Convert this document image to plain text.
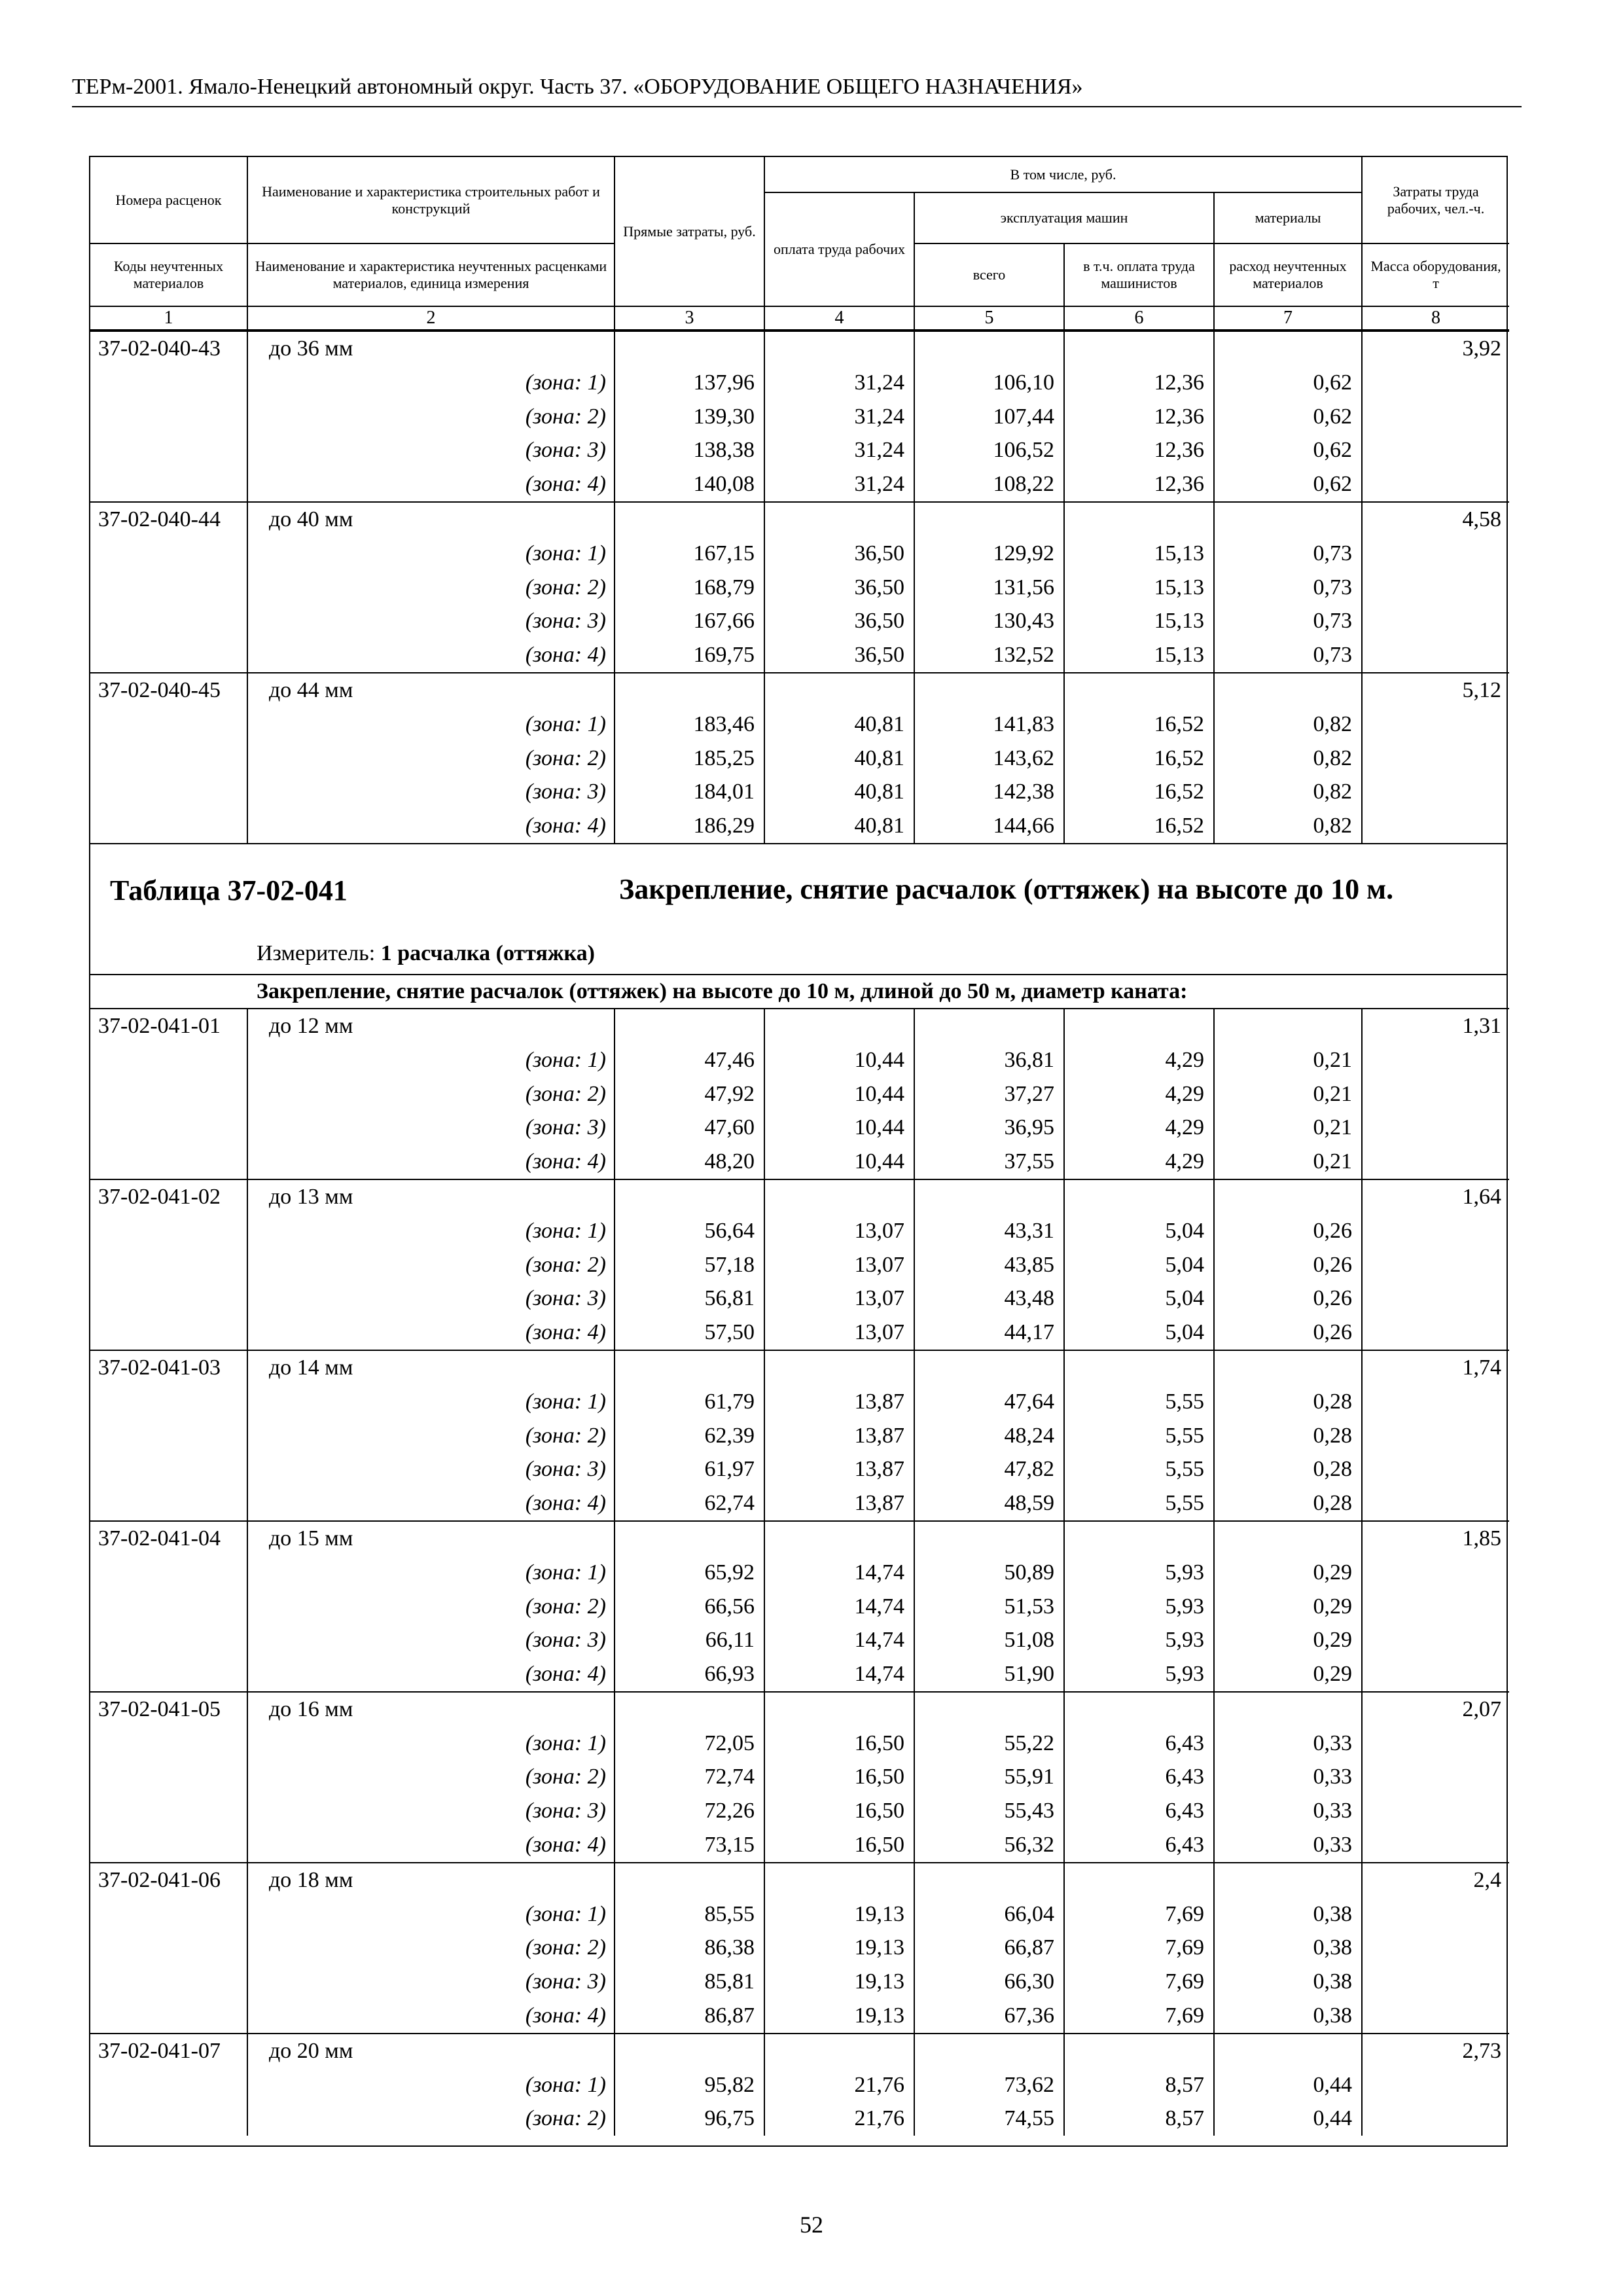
ТЕРм-2001. Ямало-Ненецкий автономный округ. Часть 37. «ОБОРУДОВАНИЕ ОБЩЕГО НАЗНАЧЕНИЯ»
Номера расценок	Наименование и характеристика строительных работ и конструкций	Прямые затраты, руб.	В том числе, руб.				Затраты труда рабочих, чел.-ч.
			оплата труда рабочих	эксплуатация машин		материалы	
Коды неучтенных материалов	Наименование и характеристика неучтенных расценками материалов, единица измерения			всего	в т.ч. оплата труда машинистов	расход неучтенных материалов	Масса оборудования, т
1	2	3	4	5	6	7	8
37-02-040-43	до 36 мм						3,92
	(зона: 1)	137,96	31,24	106,10	12,36	0,62	
	(зона: 2)	139,30	31,24	107,44	12,36	0,62	
	(зона: 3)	138,38	31,24	106,52	12,36	0,62	
	(зона: 4)	140,08	31,24	108,22	12,36	0,62	
37-02-040-44	до 40 мм						4,58
	(зона: 1)	167,15	36,50	129,92	15,13	0,73	
	(зона: 2)	168,79	36,50	131,56	15,13	0,73	
	(зона: 3)	167,66	36,50	130,43	15,13	0,73	
	(зона: 4)	169,75	36,50	132,52	15,13	0,73	
37-02-040-45	до 44 мм						5,12
	(зона: 1)	183,46	40,81	141,83	16,52	0,82	
	(зона: 2)	185,25	40,81	143,62	16,52	0,82	
	(зона: 3)	184,01	40,81	142,38	16,52	0,82	
	(зона: 4)	186,29	40,81	144,66	16,52	0,82	
Таблица 37-02-041	Закрепление, снятие расчалок (оттяжек) на высоте до 10 м.
Измеритель: 1 расчалка (оттяжка)
Закрепление, снятие расчалок (оттяжек) на высоте до 10 м, длиной до 50 м, диаметр каната:
37-02-041-01	до 12 мм						1,31
	(зона: 1)	47,46	10,44	36,81	4,29	0,21	
	(зона: 2)	47,92	10,44	37,27	4,29	0,21	
	(зона: 3)	47,60	10,44	36,95	4,29	0,21	
	(зона: 4)	48,20	10,44	37,55	4,29	0,21	
37-02-041-02	до 13 мм						1,64
	(зона: 1)	56,64	13,07	43,31	5,04	0,26	
	(зона: 2)	57,18	13,07	43,85	5,04	0,26	
	(зона: 3)	56,81	13,07	43,48	5,04	0,26	
	(зона: 4)	57,50	13,07	44,17	5,04	0,26	
37-02-041-03	до 14 мм						1,74
	(зона: 1)	61,79	13,87	47,64	5,55	0,28	
	(зона: 2)	62,39	13,87	48,24	5,55	0,28	
	(зона: 3)	61,97	13,87	47,82	5,55	0,28	
	(зона: 4)	62,74	13,87	48,59	5,55	0,28	
37-02-041-04	до 15 мм						1,85
	(зона: 1)	65,92	14,74	50,89	5,93	0,29	
	(зона: 2)	66,56	14,74	51,53	5,93	0,29	
	(зона: 3)	66,11	14,74	51,08	5,93	0,29	
	(зона: 4)	66,93	14,74	51,90	5,93	0,29	
37-02-041-05	до 16 мм						2,07
	(зона: 1)	72,05	16,50	55,22	6,43	0,33	
	(зона: 2)	72,74	16,50	55,91	6,43	0,33	
	(зона: 3)	72,26	16,50	55,43	6,43	0,33	
	(зона: 4)	73,15	16,50	56,32	6,43	0,33	
37-02-041-06	до 18 мм						2,4
	(зона: 1)	85,55	19,13	66,04	7,69	0,38	
	(зона: 2)	86,38	19,13	66,87	7,69	0,38	
	(зона: 3)	85,81	19,13	66,30	7,69	0,38	
	(зона: 4)	86,87	19,13	67,36	7,69	0,38	
37-02-041-07	до 20 мм						2,73
	(зона: 1)	95,82	21,76	73,62	8,57	0,44	
	(зона: 2)	96,75	21,76	74,55	8,57	0,44	
52
